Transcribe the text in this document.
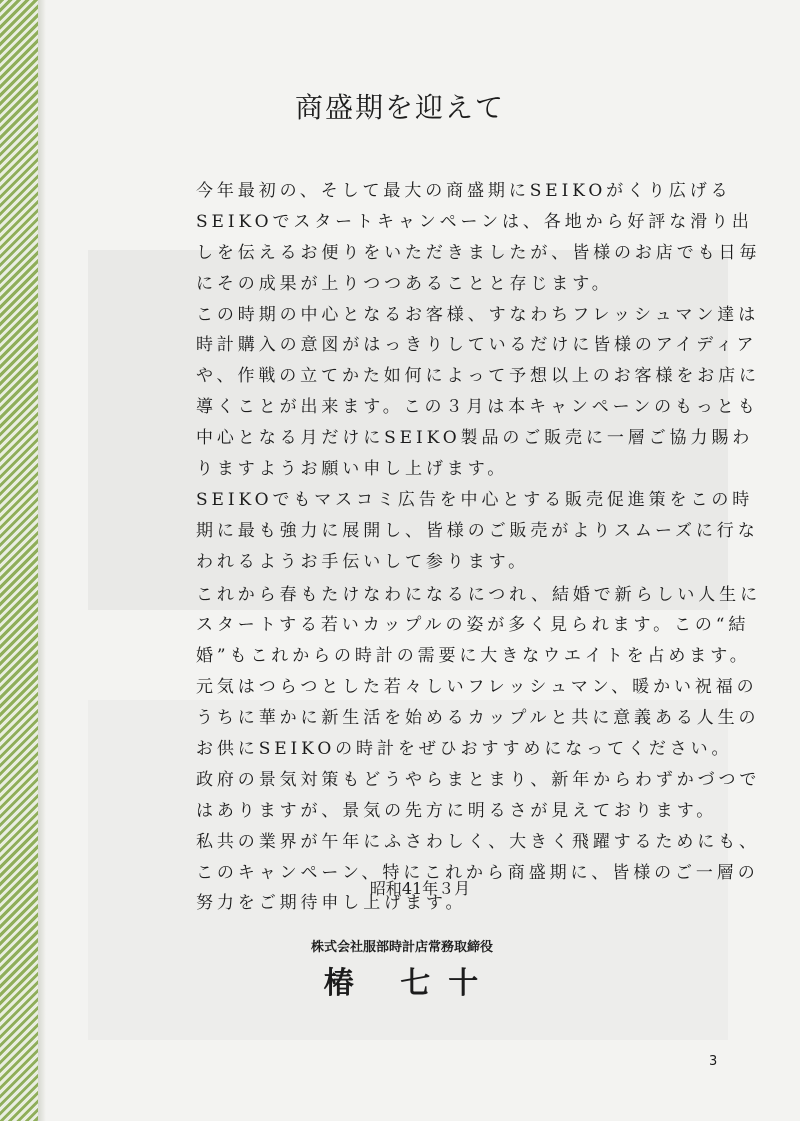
商盛期を迎えて
今年最初の、そして最大の商盛期にSEIKOがくり広げる
SEIKOでスタートキャンペーンは、各地から好評な滑り出
しを伝えるお便りをいただきましたが、皆様のお店でも日毎
にその成果が上りつつあることと存じます。
この時期の中心となるお客様、すなわちフレッシュマン達は
時計購入の意図がはっきりしているだけに皆様のアイディア
や、作戦の立てかた如何によって予想以上のお客様をお店に
導くことが出来ます。この３月は本キャンペーンのもっとも
中心となる月だけにSEIKO製品のご販売に一層ご協力賜わ
りますようお願い申し上げます。
SEIKOでもマスコミ広告を中心とする販売促進策をこの時
期に最も強力に展開し、皆様のご販売がよりスムーズに行な
われるようお手伝いして参ります。
これから春もたけなわになるにつれ、結婚で新らしい人生に
スタートする若いカップルの姿が多く見られます。この“結
婚”もこれからの時計の需要に大きなウエイトを占めます。
元気はつらつとした若々しいフレッシュマン、暖かい祝福の
うちに華かに新生活を始めるカップルと共に意義ある人生の
お供にSEIKOの時計をぜひおすすめになってください。
政府の景気対策もどうやらまとまり、新年からわずかづつで
はありますが、景気の先方に明るさが見えております。
私共の業界が午年にふさわしく、大きく飛躍するためにも、
このキャンペーン、特にこれから商盛期に、皆様のご一層の
努力をご期待申し上げます。
昭和41年３月
株式会社服部時計店常務取締役
椿 七十
3
